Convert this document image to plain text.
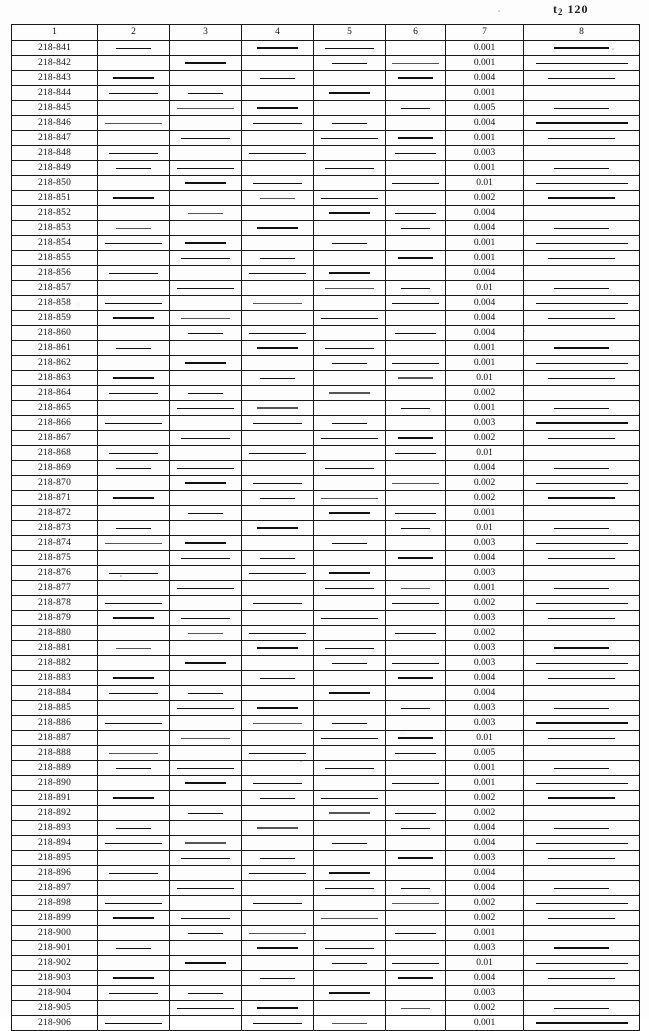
$t_2$ 120
1	2	3	4	5	6	7	8
218-841						0.001	

218-842						0.001	

218-843						0.004	

218-844						0.001	
218-845						0.005	

218-846						0.004	

218-847						0.001	

218-848						0.003	
218-849						0.001	

218-850						0.01	

218-851						0.002	

218-852						0.004	
218-853						0.004	

218-854						0.001	

218-855						0.001	

218-856						0.004	
218-857						0.01	

218-858						0.004	

218-859						0.004	

218-860						0.004	
218-861						0.001	

218-862						0.001	

218-863						0.01	

218-864						0.002	
218-865						0.001	

218-866						0.003	

218-867						0.002	

218-868						0.01	
218-869						0.004	

218-870						0.002	

218-871						0.002	

218-872						0.001	
218-873						0.01	

218-874						0.003	

218-875						0.004	

218-876						0.003	
218-877						0.001	

218-878						0.002	

218-879						0.003	

218-880						0.002	
218-881						0.003	

218-882						0.003	

218-883						0.004	

218-884						0.004	
218-885						0.003	

218-886						0.003	

218-887						0.01	

218-888						0.005	
218-889						0.001	

218-890						0.001	

218-891						0.002	

218-892						0.002	
218-893						0.004	

218-894						0.004	

218-895						0.003	

218-896						0.004	
218-897						0.004	

218-898						0.002	

218-899						0.002	

218-900						0.001	
218-901						0.003	

218-902						0.01	

218-903						0.004	

218-904						0.003	
218-905						0.002	

218-906						0.001	
